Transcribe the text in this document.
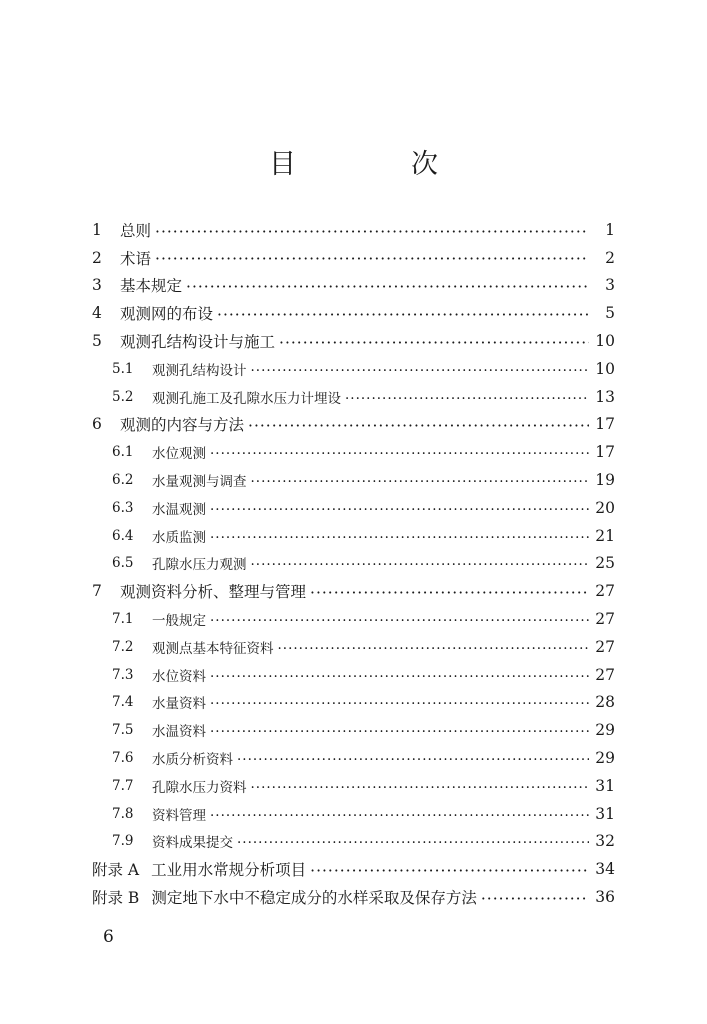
目　次
1	总则 ·····	1
2	术语 ·····	2
3	基本规定 ·····	3
4	观测网的布设 ·····	5
5	观测孔结构设计与施工 ·····	10
5.1	观测孔结构设计 ·····	10
5.2	观测孔施工及孔隙水压力计埋设 ·····	13
6	观测的内容与方法 ·····	17
6.1	水位观测 ·····	17
6.2	水量观测与调查 ·····	19
6.3	水温观测 ·····	20
6.4	水质监测 ·····	21
6.5	孔隙水压力观测 ·····	25
7	观测资料分析、整理与管理 ·····	27
7.1	一般规定 ·····	27
7.2	观测点基本特征资料 ·····	27
7.3	水位资料 ·····	27
7.4	水量资料 ·····	28
7.5	水温资料 ·····	29
7.6	水质分析资料 ·····	29
7.7	孔隙水压力资料 ·····	31
7.8	资料管理 ·····	31
7.9	资料成果提交 ·····	32
附录 A 工业用水常规分析项目 ·····	34
附录 B 测定地下水中不稳定成分的水样采取及保存方法 ·····	36
6
